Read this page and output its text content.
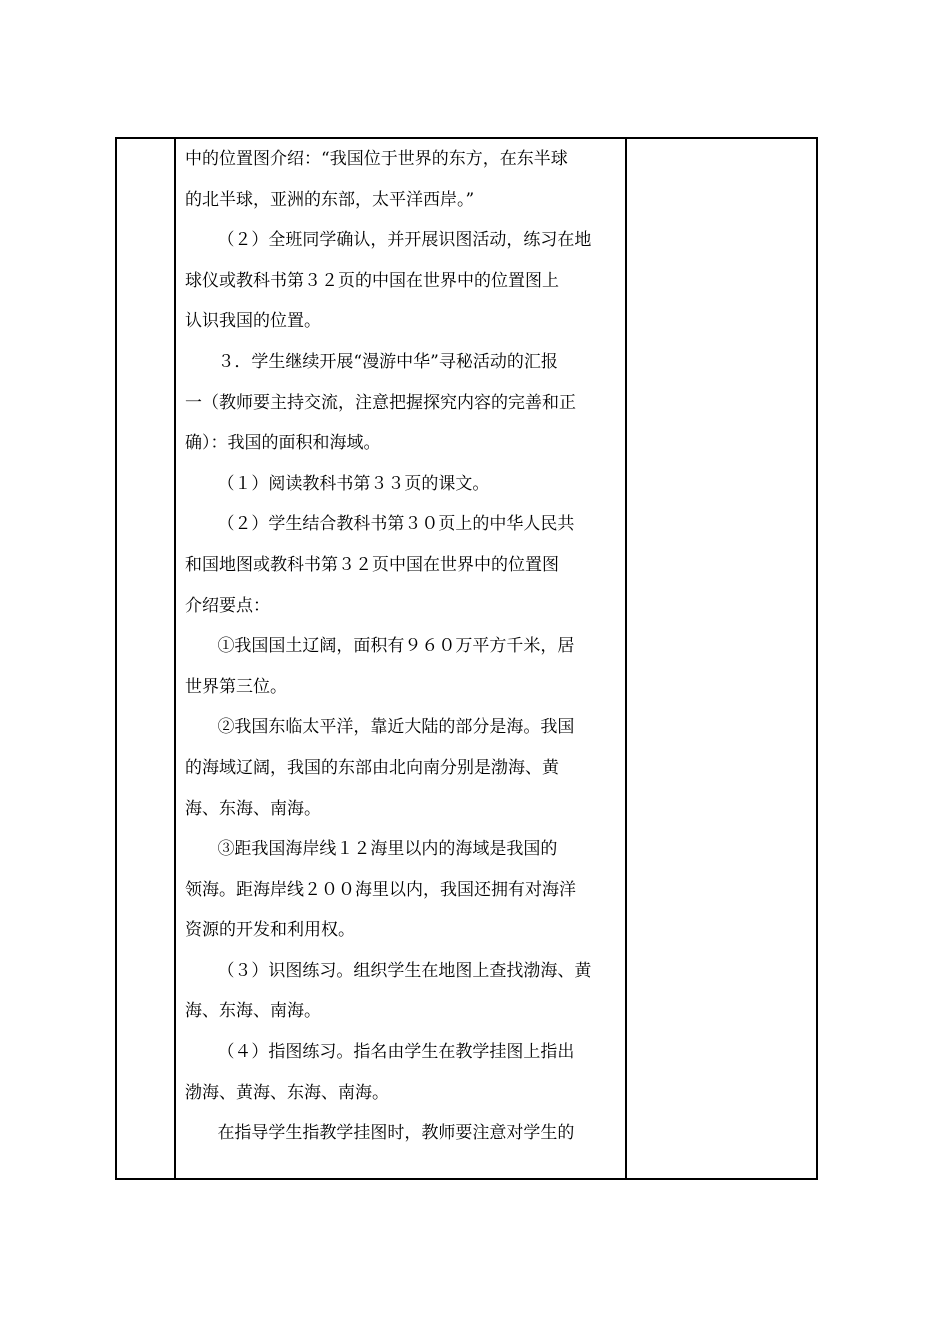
中的位置图介绍：“我国位于世界的东方，在东半球

的北半球，亚洲的东部，太平洋西岸。”

（２）全班同学确认，并开展识图活动，练习在地

球仪或教科书第３２页的中国在世界中的位置图上

认识我国的位置。

３．学生继续开展“漫游中华”寻秘活动的汇报

一（教师要主持交流，注意把握探究内容的完善和正

确）：我国的面积和海域。

（１）阅读教科书第３３页的课文。

（２）学生结合教科书第３０页上的中华人民共

和国地图或教科书第３２页中国在世界中的位置图

介绍要点：

①我国国土辽阔，面积有９６０万平方千米，居

世界第三位。

②我国东临太平洋，靠近大陆的部分是海。我国

的海域辽阔，我国的东部由北向南分别是渤海、黄

海、东海、南海。

③距我国海岸线１２海里以内的海域是我国的

领海。距海岸线２００海里以内，我国还拥有对海洋

资源的开发和利用权。

（３）识图练习。组织学生在地图上查找渤海、黄

海、东海、南海。

（４）指图练习。指名由学生在教学挂图上指出

渤海、黄海、东海、南海。

在指导学生指教学挂图时，教师要注意对学生的
